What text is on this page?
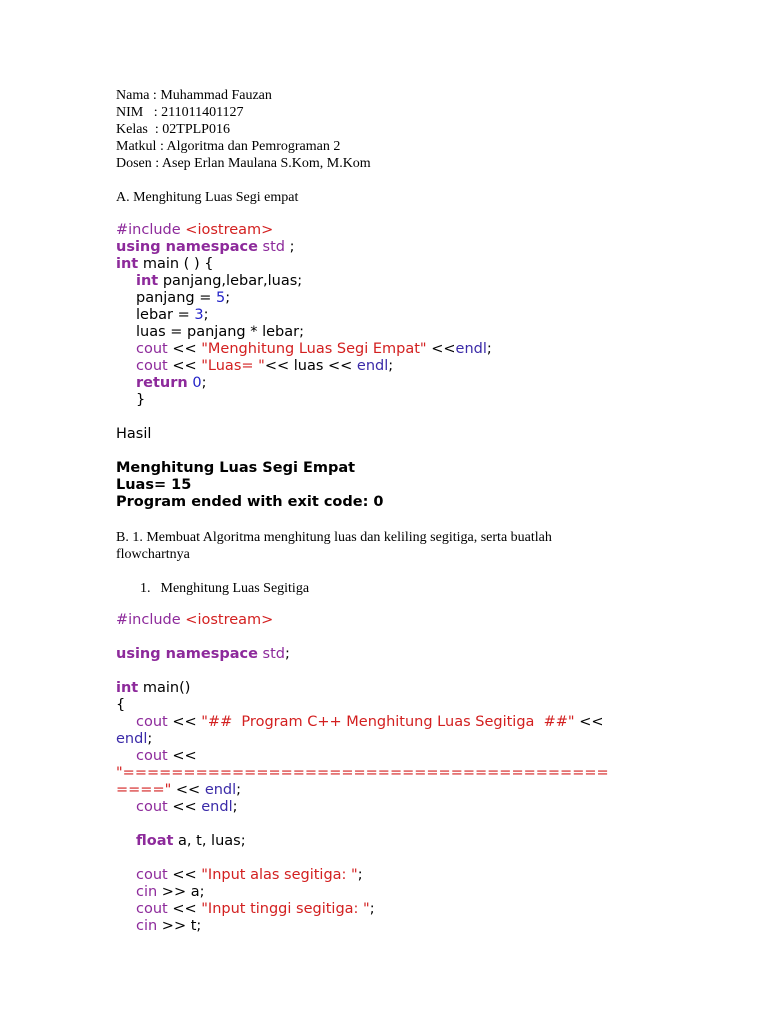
Nama : Muhammad Fauzan
NIM   : 211011401127
Kelas  : 02TPLP016
Matkul : Algoritma dan Pemrograman 2
Dosen : Asep Erlan Maulana S.Kom, M.Kom
A. Menghitung Luas Segi empat
#include <iostream>
using namespace std ;
int main ( ) {
int panjang,lebar,luas;
panjang = 5;
lebar = 3;
luas = panjang * lebar;
cout << "Menghitung Luas Segi Empat" <<endl;
cout << "Luas= "<< luas << endl;
return 0;
}
Hasil
Menghitung Luas Segi Empat
Luas= 15
Program ended with exit code: 0
B. 1. Membuat Algoritma menghitung luas dan keliling segitiga, serta buatlah
flowchartnya
1. Menghitung Luas Segitiga
#include <iostream>
using namespace std;
int main()
{
cout << "##  Program C++ Menghitung Luas Segitiga  ##" <<
endl;
cout <<
"========================================
====" << endl;
cout << endl;
float a, t, luas;
cout << "Input alas segitiga: ";
cin >> a;
cout << "Input tinggi segitiga: ";
cin >> t;
